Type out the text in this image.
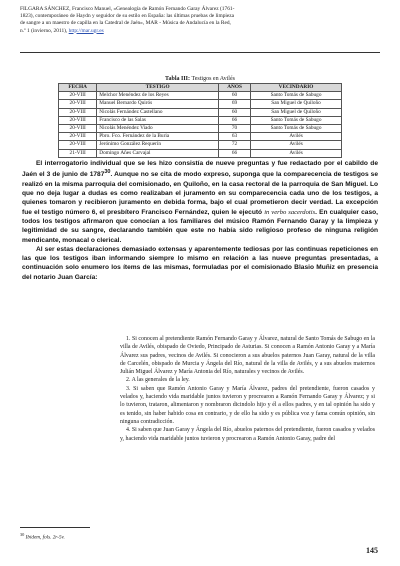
FILGARA SÁNCHEZ, Francisco Manuel, «Genealogía de Ramón Fernando Garay Álvarez (1761-
1823), contemporáneo de Haydn y seguidor de su estilo en España: las últimas pruebas de limpieza
de sangre a un maestro de capilla en la Catedral de Jaén», MAR - Música de Andalucía en la Red,
n.º 1 (invierno, 2011), http://mar.ugr.es
Tabla III: Testigos en Avilés
FECHA	TESTIGO	AÑOS	VECINDARIO
20-VIII	Melchor Menéndez de los Reyes	60	Santo Tomás de Sabugo
20-VIII	Manuel Bernardo Quirós	69	San Miguel de Quiloño
20-VIII	Nicolás Fernández Castellano	60	San Miguel de Quiloño
20-VIII	Francisco de las Salas	66	Santo Tomás de Sabugo
20-VIII	Nicolás Menéndez Viado	70	Santo Tomás de Sabugo
20-VIII	Pbro. Fco. Fernández de la Buria	63	Avilés
20-VIII	Jerónimo González Requerín	72	Avilés
21-VIII	Domingo Añes Carvajal	66	Avilés

El interrogatorio individual que se les hizo consistía de nueve preguntas y fue redactado por el cabildo de Jaén el 3 de junio de 1787$^{30}$. Aunque no se cita de modo expreso, suponga que la comparecencia de testigos se realizó en la misma parroquia del comisionado, en Quiloño, en la casa rectoral de la parroquia de San Miguel. Lo que no deja lugar a dudas es como realizaban el juramento en su comparecencia cada uno de los testigos, a quienes tomaron y recibieron juramento en debida forma, bajo el cual prometieron decir verdad. La excepción fue el testigo número 6, el presbítero Francisco Fernández, quien le ejecutó in verbo sacerdotis. En cualquier caso, todos los testigos afirmaron que conocían a los familiares del músico Ramón Fernando Garay y la limpieza y legitimidad de su sangre, declarando también que este no había sido religioso profeso de ninguna religión mendicante, monacal o clerical.

Al ser estas declaraciones demasiado extensas y aparentemente tediosas por las continuas repeticiones en las que los testigos iban informando siempre lo mismo en relación a las nueve preguntas presentadas, a continuación solo enumero los ítems de las mismas, formuladas por el comisionado Blasio Muñiz en presencia del notario Juan García:

1. Si conocen al pretendiente Ramón Fernando Garay y Álvarez, natural de Santo Tomás de Sabugo en la villa de Avilés, obispado de Oviedo, Principado de Asturias. Si conocen a Ramón Antonio Garay y a María Álvarez sus padres, vecinos de Avilés. Si conocieron a sus abuelos paternos Juan Garay, natural de la villa de Carcelén, obispado de Murcia y Ángela del Río, natural de la villa de Avilés, y a sus abuelos maternos Julián Miguel Álvarez y María Antonia del Río, naturales y vecinos de Avilés.

2. A las generales de la ley.

3. Si saben que Ramón Antonio Garay y María Álvarez, padres del pretendiente, fueron casados y velados y, haciendo vida maridable juntos tuvieron y procrearon a Ramón Fernando Garay y Álvarez; y si lo tuvieron, trataron, alimentaron y nombraron dicindolo hijo y él a ellos padres, y en tal opinión ha sido y es tenido, sin haber habido cosa en contrario, y de ello ha sido y es pública voz y fama común opinión, sin ninguna contradicción.

4. Si saben que Juan Garay y Ángela del Río, abuelos paternos del pretendiente, fueron casados y velados y, haciendo vida maridable juntos tuvieron y procrearon a Ramón Antonio Garay, padre del

$^{30}$ Ibidem, fols. 2r-5v.
145
